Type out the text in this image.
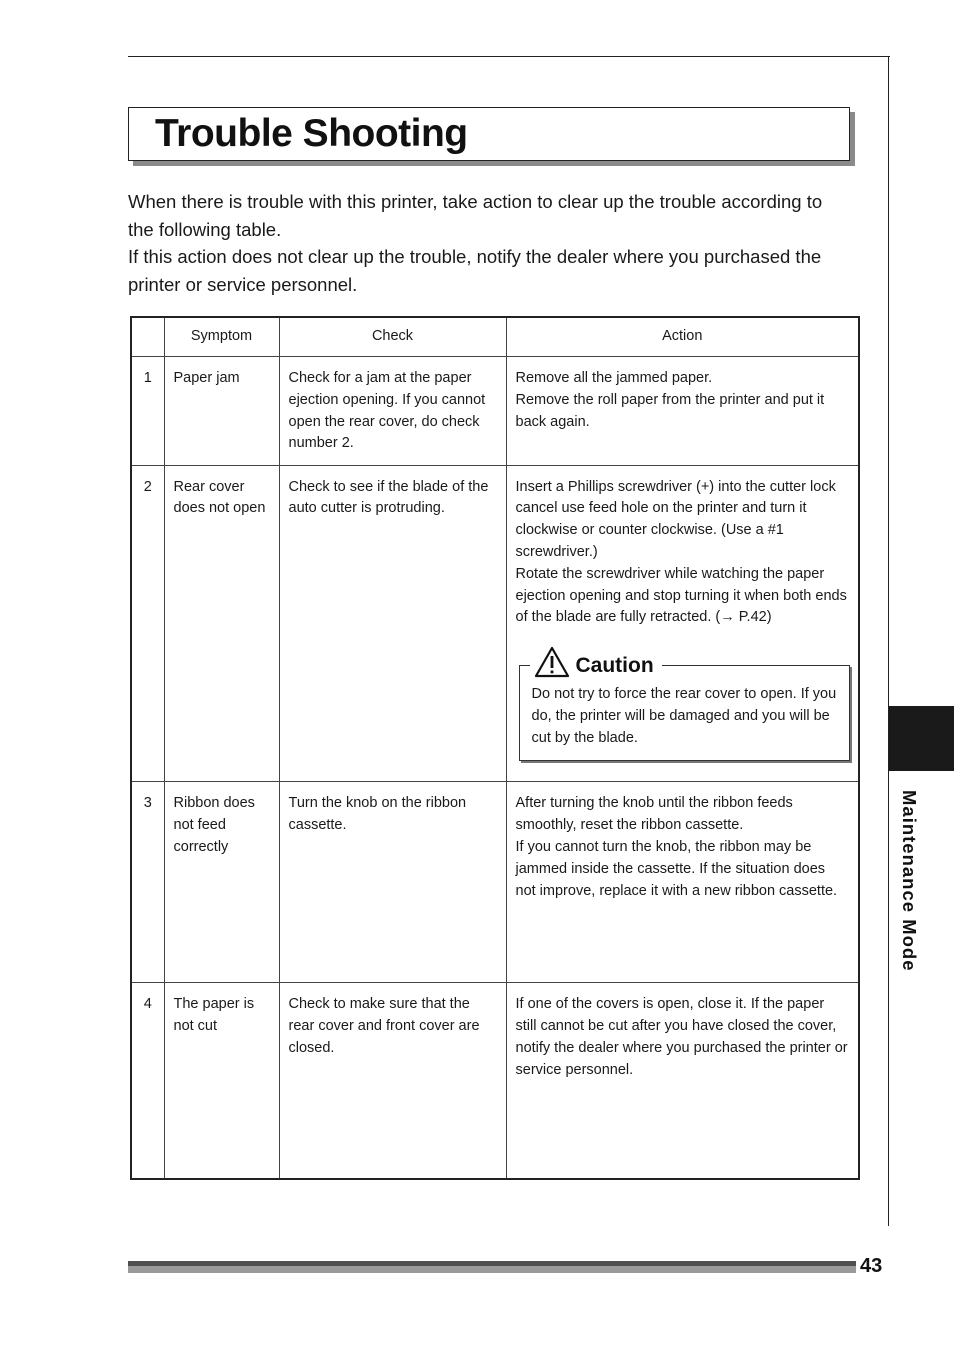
Trouble Shooting

When there is trouble with this printer, take action to clear up the trouble according to the following table.

If this action does not clear up the trouble, notify the dealer where you purchased the printer or service personnel.

	Symptom	Check	Action
1	Paper jam	Check for a jam at the paper ejection opening. If you cannot open the rear cover, do check number 2.	Remove all the jammed paper.
Remove the roll paper from the printer and put it back again.

2	Rear cover does not open	Check to see if the blade of the auto cutter is protruding.	Insert a Phillips screwdriver (+) into the cutter lock cancel use feed hole on the printer and turn it clockwise or counter clockwise. (Use a #1 screwdriver.)
Rotate the screwdriver while watching the paper ejection opening and stop turning it when both ends of the blade are fully retracted. (→ P.42)
Caution
Do not try to force the rear cover to open. If you do, the printer will be damaged and you will be cut by the blade.

3	Ribbon does not feed correctly	Turn the knob on the ribbon cassette.	After turning the knob until the ribbon feeds smoothly, reset the ribbon cassette.
If you cannot turn the knob, the ribbon may be jammed inside the cassette. If the situation does not improve, replace it with a new ribbon cassette.

4	The paper is not cut	Check to make sure that the rear cover and front cover are closed.	If one of the covers is open, close it. If the paper still cannot be cut after you have closed the cover, notify the dealer where you purchased the printer or service personnel.
Maintenance Mode
43
